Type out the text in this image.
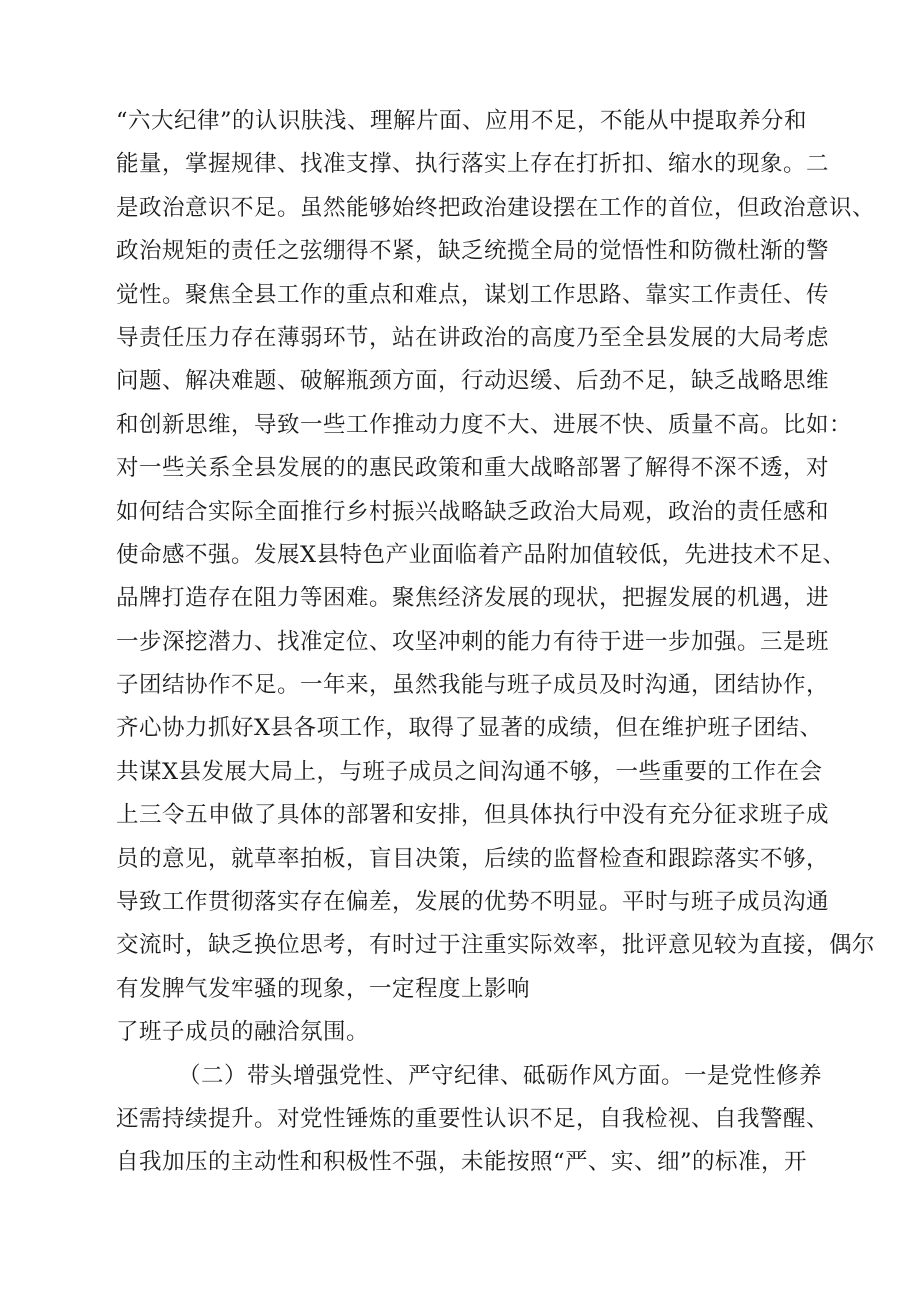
“六大纪律”的认识肤浅、理解片面、应用不足，不能从中提取养分和
能量，掌握规律、找准支撑、执行落实上存在打折扣、缩水的现象。二
是政治意识不足。虽然能够始终把政治建设摆在工作的首位，但政治意识、
政治规矩的责任之弦绷得不紧，缺乏统揽全局的觉悟性和防微杜渐的警
觉性。聚焦全县工作的重点和难点，谋划工作思路、靠实工作责任、传
导责任压力存在薄弱环节，站在讲政治的高度乃至全县发展的大局考虑
问题、解决难题、破解瓶颈方面，行动迟缓、后劲不足，缺乏战略思维
和创新思维，导致一些工作推动力度不大、进展不快、质量不高。比如：
对一些关系全县发展的的惠民政策和重大战略部署了解得不深不透，对
如何结合实际全面推行乡村振兴战略缺乏政治大局观，政治的责任感和
使命感不强。发展X县特色产业面临着产品附加值较低，先进技术不足、
品牌打造存在阻力等困难。聚焦经济发展的现状，把握发展的机遇，进
一步深挖潜力、找准定位、攻坚冲刺的能力有待于进一步加强。三是班
子团结协作不足。一年来，虽然我能与班子成员及时沟通，团结协作，
齐心协力抓好X县各项工作，取得了显著的成绩，但在维护班子团结、
共谋X县发展大局上，与班子成员之间沟通不够，一些重要的工作在会
上三令五申做了具体的部署和安排，但具体执行中没有充分征求班子成
员的意见，就草率拍板，盲目决策，后续的监督检查和跟踪落实不够，
导致工作贯彻落实存在偏差，发展的优势不明显。平时与班子成员沟通
交流时，缺乏换位思考，有时过于注重实际效率，批评意见较为直接，偶尔
有发脾气发牢骚的现象，一定程度上影响
了班子成员的融洽氛围。
（二）带头增强党性、严守纪律、砥砺作风方面。一是党性修养
还需持续提升。对党性锤炼的重要性认识不足，自我检视、自我警醒、
自我加压的主动性和积极性不强，未能按照“严、实、细”的标准，开
